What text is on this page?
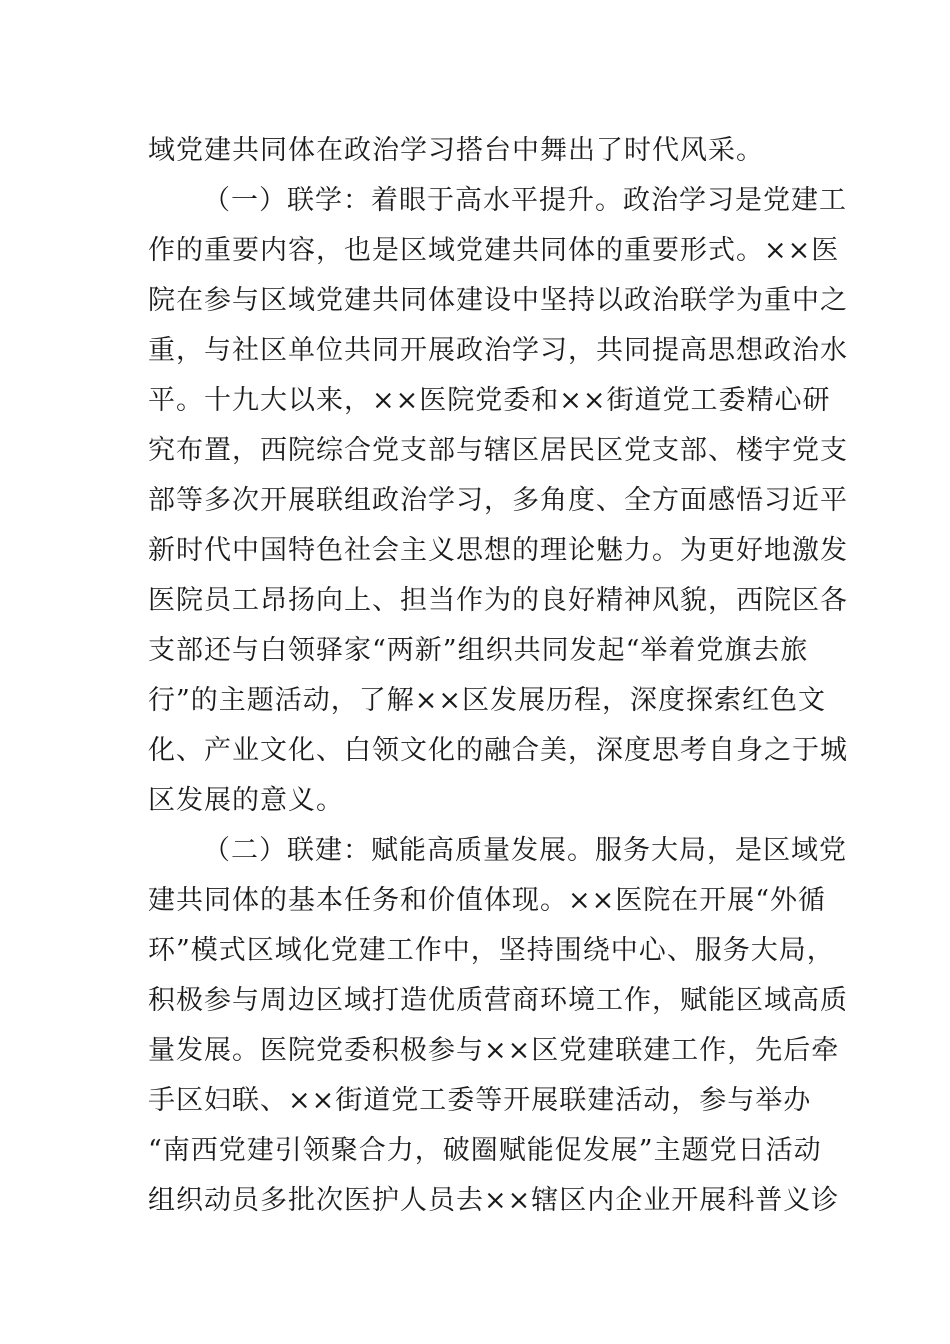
域党建共同体在政治学习搭台中舞出了时代风采。
（一）联学：着眼于高水平提升。政治学习是党建工
作的重要内容，也是区域党建共同体的重要形式。××医
院在参与区域党建共同体建设中坚持以政治联学为重中之
重，与社区单位共同开展政治学习，共同提高思想政治水
平。十九大以来，××医院党委和××街道党工委精心研
究布置，西院综合党支部与辖区居民区党支部、楼宇党支
部等多次开展联组政治学习，多角度、全方面感悟习近平
新时代中国特色社会主义思想的理论魅力。为更好地激发
医院员工昂扬向上、担当作为的良好精神风貌，西院区各
支部还与白领驿家“两新”组织共同发起“举着党旗去旅
行”的主题活动，了解××区发展历程，深度探索红色文
化、产业文化、白领文化的融合美，深度思考自身之于城
区发展的意义。
（二）联建：赋能高质量发展。服务大局，是区域党
建共同体的基本任务和价值体现。××医院在开展“外循
环”模式区域化党建工作中，坚持围绕中心、服务大局，
积极参与周边区域打造优质营商环境工作，赋能区域高质
量发展。医院党委积极参与××区党建联建工作，先后牵
手区妇联、××街道党工委等开展联建活动，参与举办
“南西党建引领聚合力，破圈赋能促发展”主题党日活动
组织动员多批次医护人员去××辖区内企业开展科普义诊
